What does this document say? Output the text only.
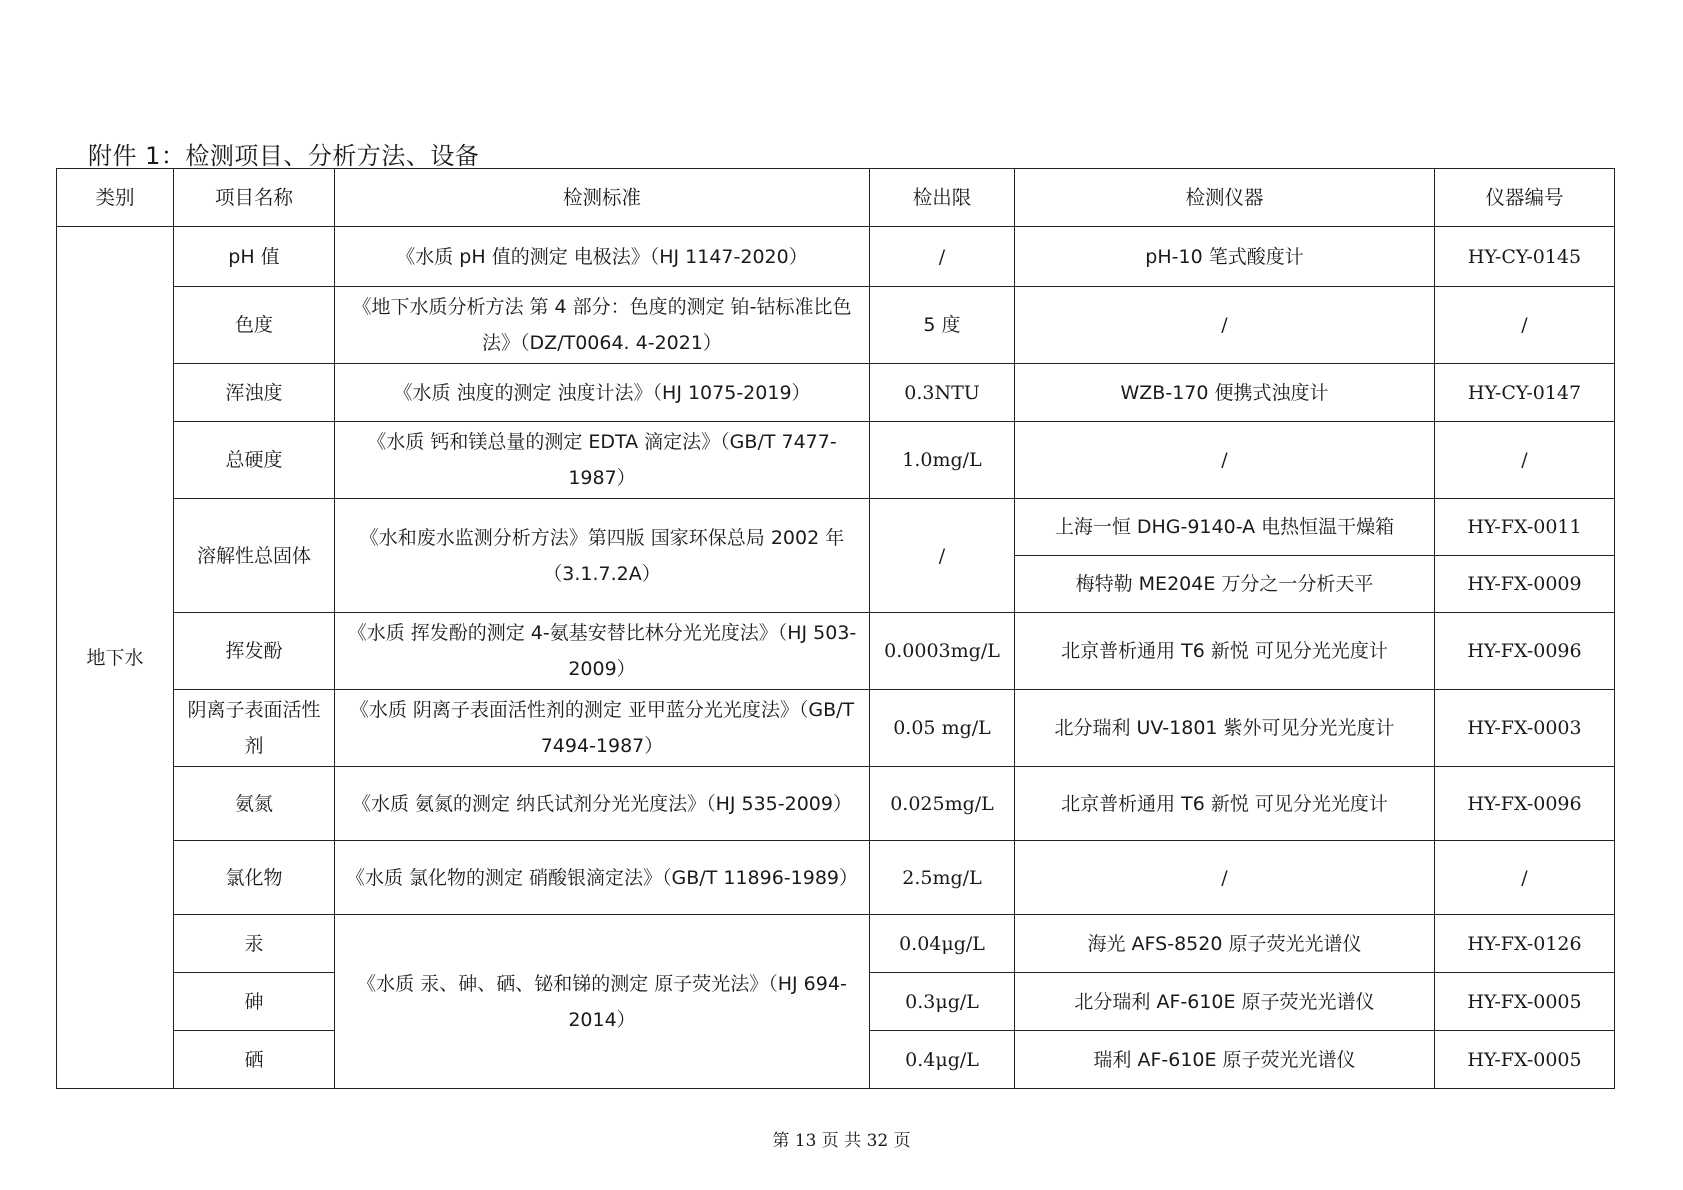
附件 1：检测项目、分析方法、设备
类别	项目名称	检测标准	检出限	检测仪器	仪器编号
地下水	pH 值	《水质 pH 值的测定 电极法》（HJ 1147-2020）	/	pH-10 笔式酸度计	HY-CY-0145
	色度	《地下水质分析方法 第 4 部分：色度的测定 铂-钴标准比色法》（DZ/T0064. 4-2021）	5 度	/	/
	浑浊度	《水质 浊度的测定 浊度计法》（HJ 1075-2019）	0.3NTU	WZB-170 便携式浊度计	HY-CY-0147
	总硬度	《水质 钙和镁总量的测定 EDTA 滴定法》（GB/T 7477-1987）	1.0mg/L	/	/
	溶解性总固体	《水和废水监测分析方法》第四版 国家环保总局 2002 年（3.1.7.2A）	/	上海一恒 DHG-9140-A 电热恒温干燥箱	HY-FX-0011
				梅特勒 ME204E 万分之一分析天平	HY-FX-0009
	挥发酚	《水质 挥发酚的测定 4-氨基安替比林分光光度法》（HJ 503-2009）	0.0003mg/L	北京普析通用 T6 新悦 可见分光光度计	HY-FX-0096
	阴离子表面活性剂	《水质 阴离子表面活性剂的测定 亚甲蓝分光光度法》（GB/T 7494-1987）	0.05 mg/L	北分瑞利 UV-1801 紫外可见分光光度计	HY-FX-0003
	氨氮	《水质 氨氮的测定 纳氏试剂分光光度法》（HJ 535-2009）	0.025mg/L	北京普析通用 T6 新悦 可见分光光度计	HY-FX-0096
	氯化物	《水质 氯化物的测定 硝酸银滴定法》（GB/T 11896-1989）	2.5mg/L	/	/
	汞	《水质 汞、砷、硒、铋和锑的测定 原子荧光法》（HJ 694-2014）	0.04μg/L	海光 AFS-8520 原子荧光光谱仪	HY-FX-0126
	砷		0.3μg/L	北分瑞利 AF-610E 原子荧光光谱仪	HY-FX-0005
	硒		0.4μg/L	瑞利 AF-610E 原子荧光光谱仪	HY-FX-0005
第 13 页 共 32 页
